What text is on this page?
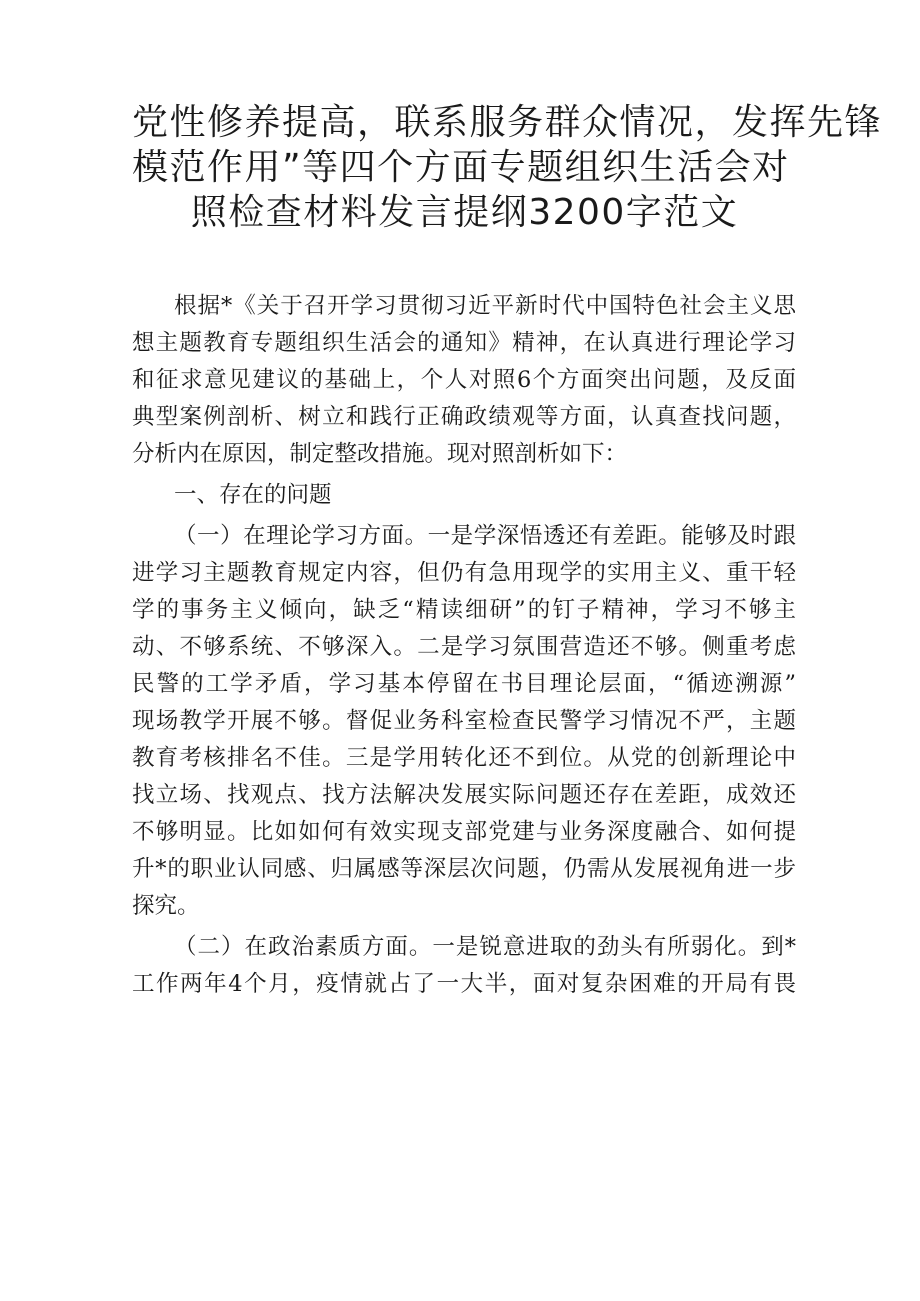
党性修养提高，联系服务群众情况，发挥先锋
模范作用”等四个方面专题组织生活会对
照检查材料发言提纲3200字范文
根据*《关于召开学习贯彻习近平新时代中国特色社会主义思
想主题教育专题组织生活会的通知》精神，在认真进行理论学习
和征求意见建议的基础上，个人对照6个方面突出问题，及反面
典型案例剖析、树立和践行正确政绩观等方面，认真查找问题，
分析内在原因，制定整改措施。现对照剖析如下：
一、存在的问题
（一）在理论学习方面。一是学深悟透还有差距。能够及时跟
进学习主题教育规定内容，但仍有急用现学的实用主义、重干轻
学的事务主义倾向，缺乏“精读细研”的钉子精神，学习不够主
动、不够系统、不够深入。二是学习氛围营造还不够。侧重考虑
民警的工学矛盾，学习基本停留在书目理论层面，“循迹溯源”
现场教学开展不够。督促业务科室检查民警学习情况不严，主题
教育考核排名不佳。三是学用转化还不到位。从党的创新理论中
找立场、找观点、找方法解决发展实际问题还存在差距，成效还
不够明显。比如如何有效实现支部党建与业务深度融合、如何提
升*的职业认同感、归属感等深层次问题，仍需从发展视角进一步
探究。
（二）在政治素质方面。一是锐意进取的劲头有所弱化。到*
工作两年4个月，疫情就占了一大半，面对复杂困难的开局有畏
